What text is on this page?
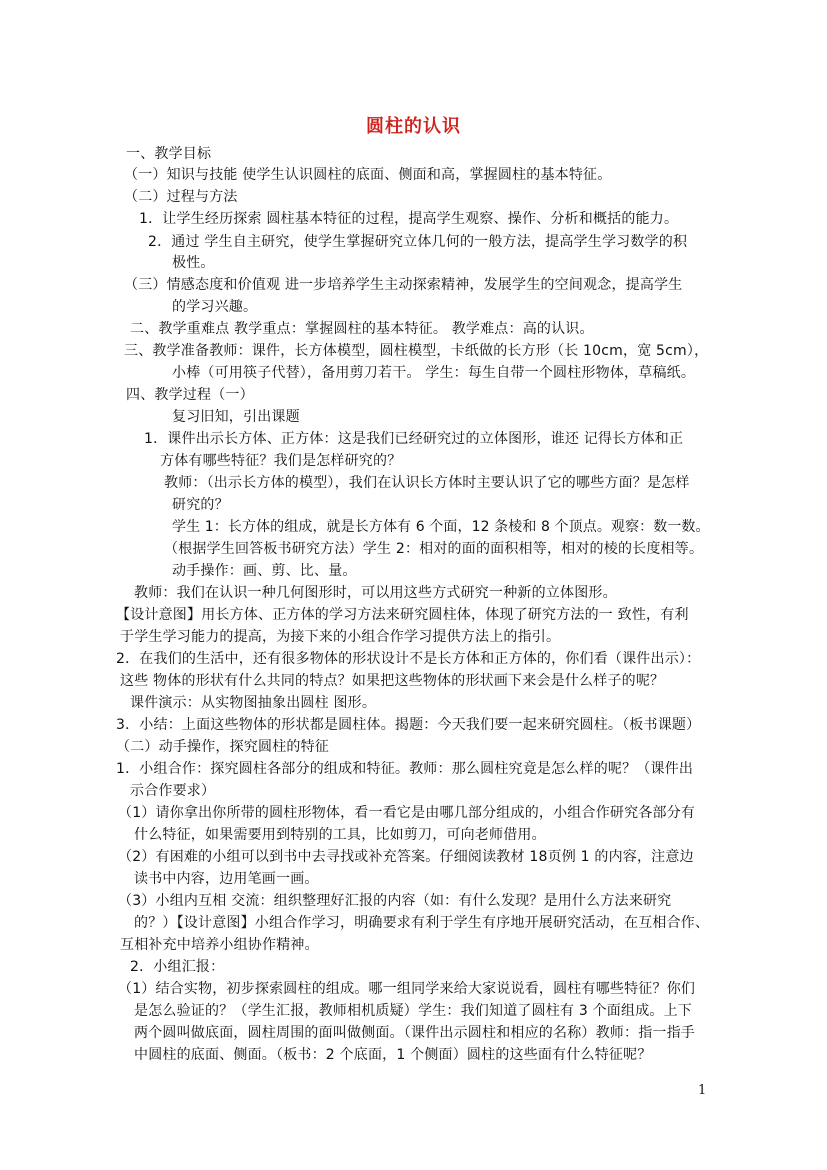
圆柱的认识
一、教学目标
（一）知识与技能 使学生认识圆柱的底面、侧面和高，掌握圆柱的基本特征。
（二）过程与方法
1．让学生经历探索 圆柱基本特征的过程，提高学生观察、操作、分析和概括的能力。
2．通过 学生自主研究，使学生掌握研究立体几何的一般方法，提高学生学习数学的积
极性。
（三）情感态度和价值观 进一步培养学生主动探索精神，发展学生的空间观念，提高学生
的学习兴趣。
二、教学重难点 教学重点：掌握圆柱的基本特征。 教学难点：高的认识。
三、教学准备教师：课件，长方体模型，圆柱模型，卡纸做的长方形（长 10cm，宽 5cm），
小棒（可用筷子代替），备用剪刀若干。 学生：每生自带一个圆柱形物体，草稿纸。
四、教学过程（一）
复习旧知，引出课题
1．课件出示长方体、正方体：这是我们已经研究过的立体图形，谁还 记得长方体和正
方体有哪些特征？我们是怎样研究的？
教师：（出示长方体的模型），我们在认识长方体时主要认识了它的哪些方面？是怎样
研究的？
学生 1：长方体的组成，就是长方体有 6 个面，12 条棱和 8 个顶点。观察：数一数。
（根据学生回答板书研究方法）学生 2：相对的面的面积相等，相对的棱的长度相等。
动手操作：画、剪、比、量。
教师：我们在认识一种几何图形时，可以用这些方式研究一种新的立体图形。
【设计意图】用长方体、正方体的学习方法来研究圆柱体，体现了研究方法的一 致性，有利
于学生学习能力的提高，为接下来的小组合作学习提供方法上的指引。
2．在我们的生活中，还有很多物体的形状设计不是长方体和正方体的，你们看（课件出示）：
这些 物体的形状有什么共同的特点？如果把这些物体的形状画下来会是什么样子的呢？
课件演示：从实物图抽象出圆柱 图形。
3．小结：上面这些物体的形状都是圆柱体。揭题：今天我们要一起来研究圆柱。（板书课题）
（二）动手操作，探究圆柱的特征
1．小组合作：探究圆柱各部分的组成和特征。教师：那么圆柱究竟是怎么样的呢？（课件出
示合作要求）
（1）请你拿出你所带的圆柱形物体，看一看它是由哪几部分组成的，小组合作研究各部分有
什么特征，如果需要用到特别的工具，比如剪刀，可向老师借用。
（2）有困难的小组可以到书中去寻找或补充答案。仔细阅读教材 18页例 1 的内容，注意边
读书中内容，边用笔画一画。
（3）小组内互相 交流：组织整理好汇报的内容（如：有什么发现？是用什么方法来研究
的？）【设计意图】小组合作学习，明确要求有利于学生有序地开展研究活动，在互相合作、
互相补充中培养小组协作精神。
2．小组汇报：
（1）结合实物，初步探索圆柱的组成。哪一组同学来给大家说说看，圆柱有哪些特征？你们
是怎么验证的？（学生汇报，教师相机质疑）学生：我们知道了圆柱有 3 个面组成。上下
两个圆叫做底面，圆柱周围的面叫做侧面。（课件出示圆柱和相应的名称）教师：指一指手
中圆柱的底面、侧面。（板书：2 个底面，1 个侧面）圆柱的这些面有什么特征呢？
1
